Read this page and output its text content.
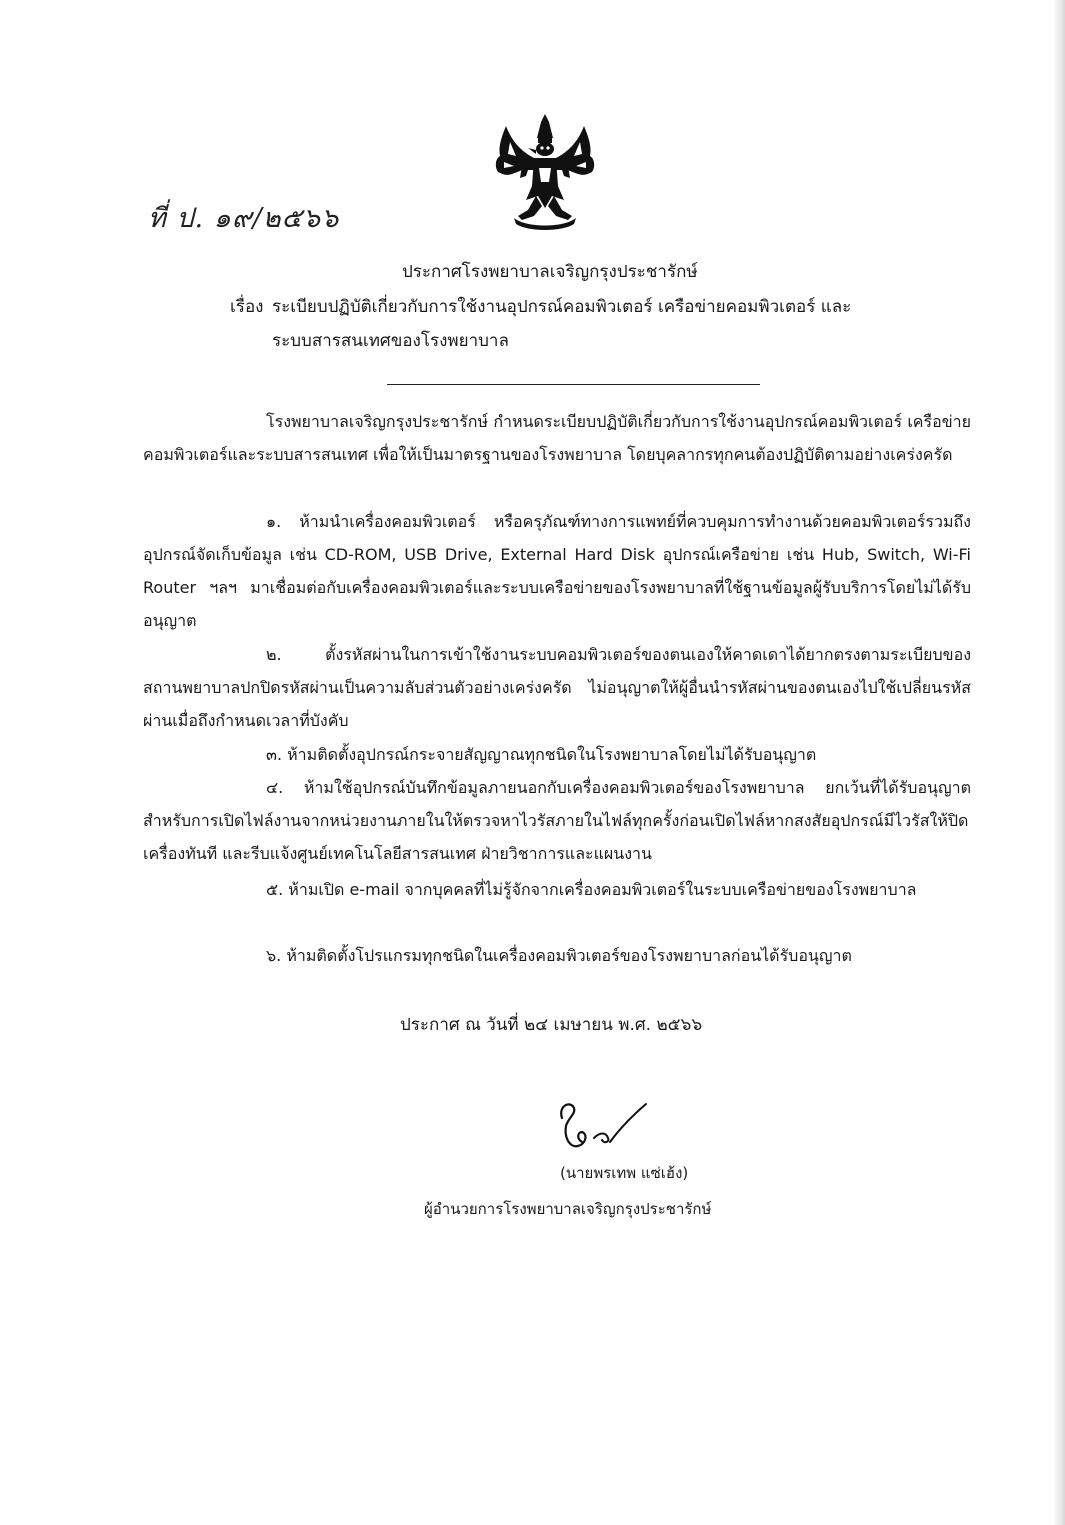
ที่ ป. ๑๙/๒๕๖๖
ประกาศโรงพยาบาลเจริญกรุงประชารักษ์
เรื่อง ระเบียบปฏิบัติเกี่ยวกับการใช้งานอุปกรณ์คอมพิวเตอร์ เครือข่ายคอมพิวเตอร์ และ
ระบบสารสนเทศของโรงพยาบาล

โรงพยาบาลเจริญกรุงประชารักษ์ กำหนดระเบียบปฏิบัติเกี่ยวกับการใช้งานอุปกรณ์คอมพิวเตอร์ เครือข่ายคอมพิวเตอร์และระบบสารสนเทศ เพื่อให้เป็นมาตรฐานของโรงพยาบาล โดยบุคลากรทุกคนต้องปฏิบัติตามอย่างเคร่งครัด

๑. ห้ามนำเครื่องคอมพิวเตอร์ หรือครุภัณฑ์ทางการแพทย์ที่ควบคุมการทำงานด้วยคอมพิวเตอร์รวมถึงอุปกรณ์จัดเก็บข้อมูล เช่น CD-ROM, USB Drive, External Hard Disk อุปกรณ์เครือข่าย เช่น Hub, Switch, Wi-Fi Router ฯลฯ มาเชื่อมต่อกับเครื่องคอมพิวเตอร์และระบบเครือข่ายของโรงพยาบาลที่ใช้ฐานข้อมูลผู้รับบริการโดยไม่ได้รับอนุญาต

๒. ตั้งรหัสผ่านในการเข้าใช้งานระบบคอมพิวเตอร์ของตนเองให้คาดเดาได้ยากตรงตามระเบียบของสถานพยาบาลปกปิดรหัสผ่านเป็นความลับส่วนตัวอย่างเคร่งครัด ไม่อนุญาตให้ผู้อื่นนำรหัสผ่านของตนเองไปใช้เปลี่ยนรหัสผ่านเมื่อถึงกำหนดเวลาที่บังคับ

๓. ห้ามติดตั้งอุปกรณ์กระจายสัญญาณทุกชนิดในโรงพยาบาลโดยไม่ได้รับอนุญาต

๔. ห้ามใช้อุปกรณ์บันทึกข้อมูลภายนอกกับเครื่องคอมพิวเตอร์ของโรงพยาบาล ยกเว้นที่ได้รับอนุญาต สำหรับการเปิดไฟล์งานจากหน่วยงานภายในให้ตรวจหาไวรัสภายในไฟล์ทุกครั้งก่อนเปิดไฟล์หากสงสัยอุปกรณ์มีไวรัสให้ปิดเครื่องทันที และรีบแจ้งศูนย์เทคโนโลยีสารสนเทศ ฝ่ายวิชาการและแผนงาน

๕. ห้ามเปิด e-mail จากบุคคลที่ไม่รู้จักจากเครื่องคอมพิวเตอร์ในระบบเครือข่ายของโรงพยาบาล

๖. ห้ามติดตั้งโปรแกรมทุกชนิดในเครื่องคอมพิวเตอร์ของโรงพยาบาลก่อนได้รับอนุญาต

ประกาศ ณ วันที่ ๒๔ เมษายน พ.ศ. ๒๕๖๖
(นายพรเทพ แซ่เฮ้ง)
ผู้อำนวยการโรงพยาบาลเจริญกรุงประชารักษ์
